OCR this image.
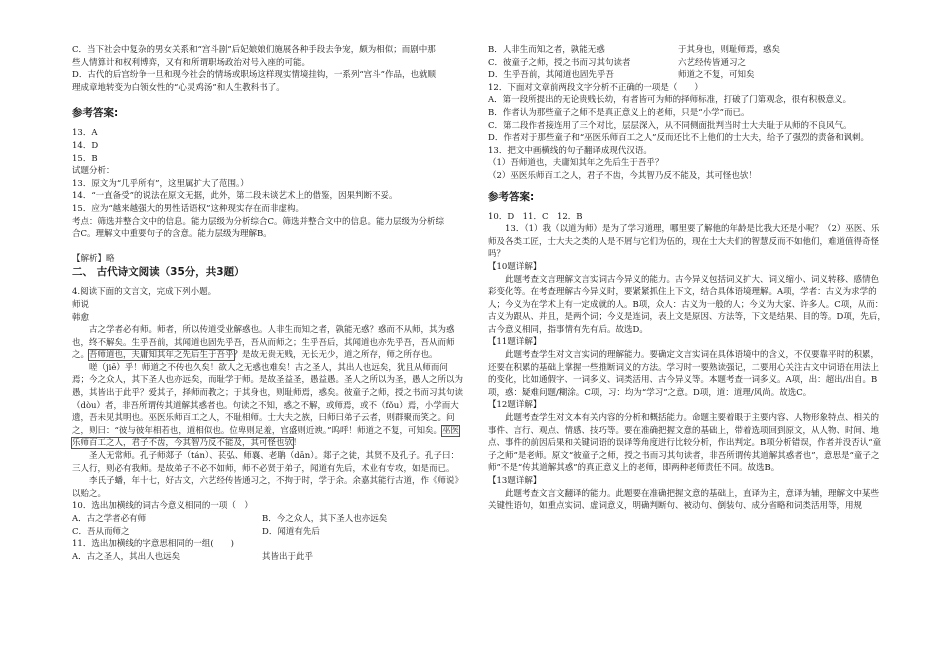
C．当下社会中复杂的男女关系和“宫斗剧”后妃娘娘们施展各种手段去争宠，颇为相似；而剧中那

些人情算计和权利博弈，又有和所谓职场政治对号入座的可能。

D．古代的后宫纷争一旦和现今社会的情场或职场这样现实情境挂钩，一系列“宫斗”作品，也就顺

理成章地转变为白领女性的“心灵鸡汤”和人生教科书了。

参考答案:

13．A

14．D

15．B

试题分析：

13．原文为“几乎所有”，这里属扩大了范围。）

14．“一直备受”的说法在原文无据，此外，第二段未谈艺术上的借鉴，因果判断不妥。

15．应为“越来越强大的男性话语权”这种现实存在而非虚构。

考点：筛选并整合文中的信息。能力层级为分析综合C。筛选并整合文中的信息。能力层级为分析综

合C。理解文中重要句子的含意。能力层级为理解B。

【解析】略

二、 古代诗文阅读（35分，共3题）

4.阅读下面的文言文，完成下列小题。

师说

韩愈

古之学者必有师。师者，所以传道受业解惑也。人非生而知之者，孰能无惑？惑而不从师，其为惑也，终不解矣。生乎吾前，其闻道也固先乎吾，吾从而师之；生乎吾后，其闻道也亦先乎吾，吾从而师之。吾师道也，夫庸知其年之先后生于吾乎？是故无贵无贱，无长无少，道之所存，师之所存也。

嗟（jiē）乎！师道之不传也久矣！欲人之无惑也难矣！古之圣人，其出人也远矣，犹且从师而问焉；今之众人，其下圣人也亦远矣，而耻学于师。是故圣益圣，愚益愚。圣人之所以为圣，愚人之所以为愚，其皆出于此乎？爱其子，择师而教之；于其身也，则耻师焉，惑矣。彼童子之师，授之书而习其句读（dòu）者，非吾所谓传其道解其惑者也。句读之不知，惑之不解，或师焉，或不（fǒu）焉，小学而大遗，吾未见其明也。巫医乐师百工之人，不耻相师。士大夫之族，曰师曰弟子云者，则群聚而笑之。问之，则曰：“彼与彼年相若也，道相似也。位卑则足羞，官盛则近谀。”呜呼！师道之不复，可知矣。巫医乐师百工之人，君子不齿，今其智乃反不能及，其可怪也欤！

圣人无常师。孔子师郯子（tán）、苌弘、师襄、老聃（dān）。郯子之徒，其贤不及孔子。孔子曰：三人行，则必有我师。是故弟子不必不如师，师不必贤于弟子，闻道有先后，术业有专攻，如是而已。

李氏子蟠，年十七，好古文，六艺经传皆通习之，不拘于时，学于余。余嘉其能行古道，作《师说》以贻之。

10．选出加横线的词古今意义相同的一项（　）

A．古之学者必有师	B．今之众人，其下圣人也亦远矣

C．吾从而师之	D．闻道有先后

11．选出加横线的字意思相同的一组(　　)

A．古之圣人，其出人也远矣	其皆出于此乎

B．人非生而知之者，孰能无惑	于其身也，则耻师焉，惑矣

C．彼童子之师，授之书而习其句读者	六艺经传皆通习之

D．生乎吾前，其闻道也固先乎吾	师道之不复，可知矣

12．下面对文章前两段文字分析不正确的一项是（　　）

A．第一段所提出的无论贵贱长幼，有者皆可为师的择师标准，打破了门第观念，很有积极意义。

B．作者认为那些童子之师不是真正意义上的老师，只是“小学”而已。

C．第二段作者接连用了三个对比，层层深入，从不同侧面批判当时士大夫耻于从师的不良风气。

D．作者对于那些童子和“巫医乐师百工之人”反而还比不上他们的士大夫，给予了强烈的责备和讽刺。

13．把文中画横线的句子翻译成现代汉语。

（1）吾师道也，夫庸知其年之先后生于吾乎？

（2）巫医乐师百工之人，君子不齿，今其智乃反不能及，其可怪也欤！

参考答案:

10．D　11．C　12．B

13．（1）我（以道为师）是为了学习道理，哪里要了解他的年龄是比我大还是小呢？（2）巫医、乐师及各类工匠，士大夫之类的人是不屑与它们为伍的，现在士大夫们的智慧反而不如他们，难道值得奇怪吗？

【10题详解】

此题考查文言理解文言实词古今异义的能力。古今异义包括词义扩大、词义缩小、词义转移、感情色彩变化等。在考查理解古今异义时，要紧紧抓住上下文，结合具体语境理解。A项，学者：古义为求学的人；今义为在学术上有一定成就的人。B项，众人：古义为一般的人；今义为大家、许多人。C项，从而：古义为跟从、并且，是两个词；今义是连词，表上文是原因、方法等，下文是结果、目的等。D项，先后，古今意义相同，指事情有先有后。故选D。

【11题详解】

此题考查学生对文言实词的理解能力。要确定文言实词在具体语境中的含义，不仅要靠平时的积累，还要在积累的基础上掌握一些推断词义的方法。学习时一要熟读强记，二要用心关注古文中词语在用法上的变化，比如通假字、一词多义、词类活用、古今异义等。本题考查一词多义。A项，出：超出/出自。B项，惑：疑难问题/糊涂。C项，习：均为“学习”之意。D项，道：道理/风尚。故选C。

【12题详解】

此题考查学生对文本有关内容的分析和概括能力。命题主要着眼于主要内容、人物形象特点、相关的事件、言行、观点、情感、技巧等。要在准确把握文意的基础上，带着选项回到原文，从人物、时间、地点、事件的前因后果和关键词语的误译等角度进行比较分析，作出判定。B项分析错误，作者并没否认“童子之师”是老师。原文“彼童子之师，授之书而习其句读者，非吾所谓传其道解其惑者也”，意思是“童子之师”不是“传其道解其惑”的真正意义上的老师，即两种老师责任不同。故选B。

【13题详解】

此题考查文言文翻译的能力。此题要在准确把握文意的基础上，直译为主，意译为辅，理解文中某些关键性语句，如重点实词、虚词意义，明确判断句、被动句、倒装句、成分省略和词类活用等，用规
